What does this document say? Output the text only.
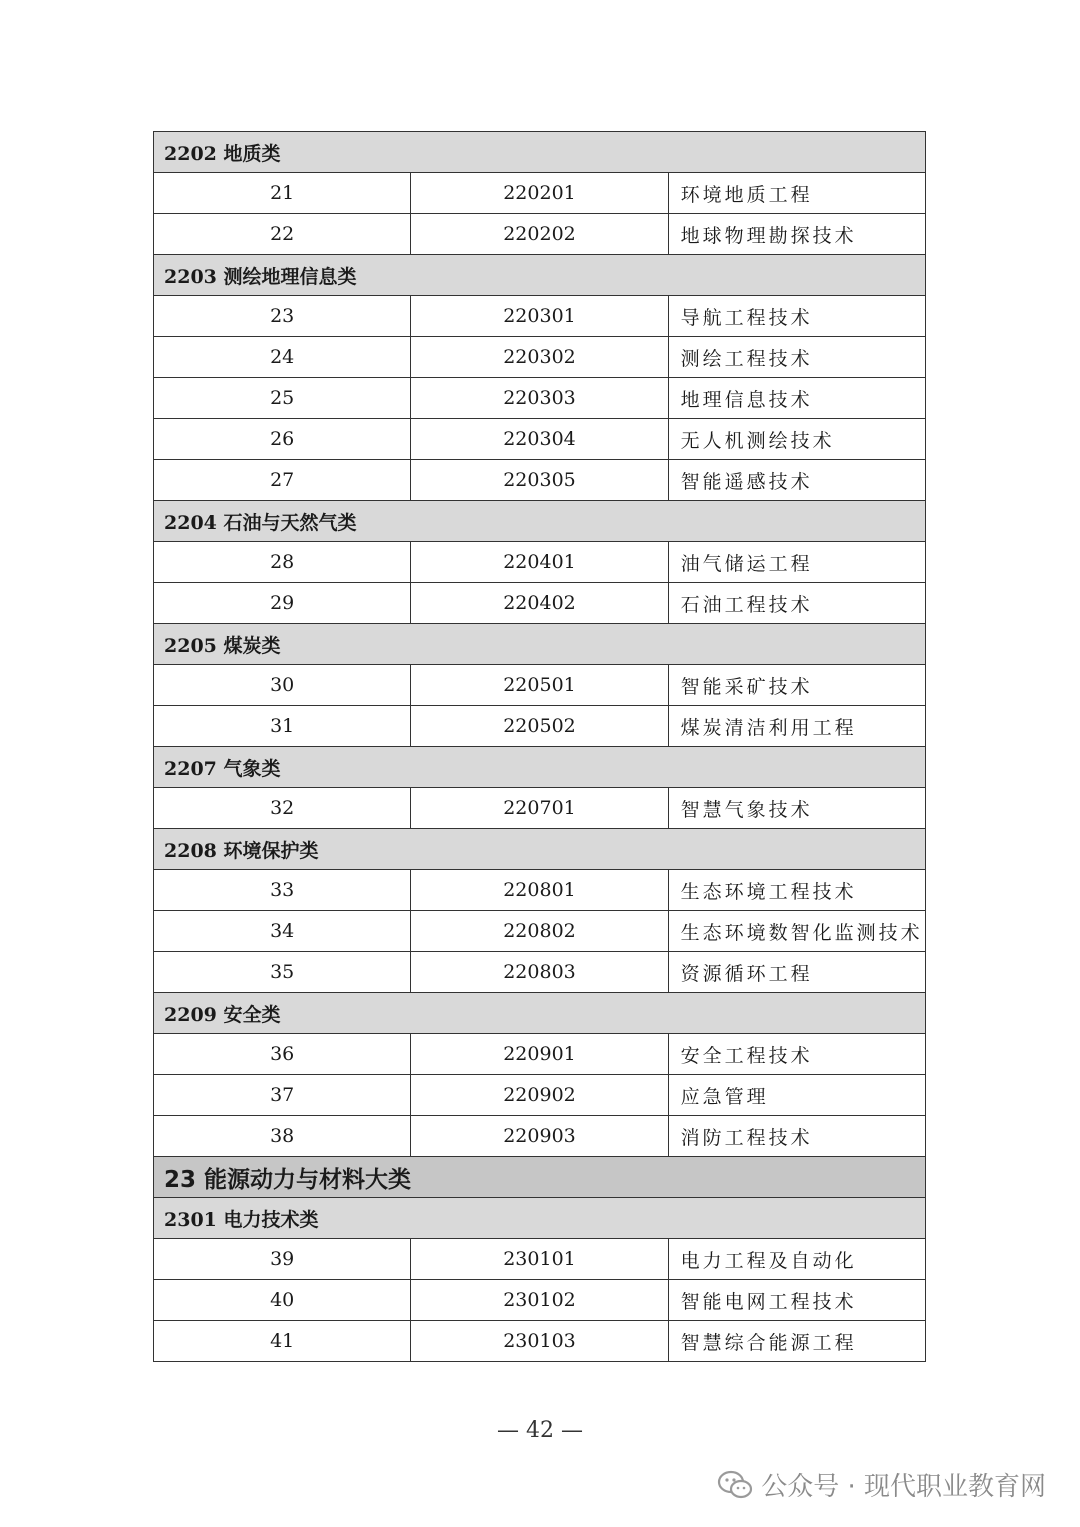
2202 地质类		
21	220201	环境地质工程
22	220202	地球物理勘探技术
2203 测绘地理信息类		
23	220301	导航工程技术
24	220302	测绘工程技术
25	220303	地理信息技术
26	220304	无人机测绘技术
27	220305	智能遥感技术
2204 石油与天然气类		
28	220401	油气储运工程
29	220402	石油工程技术
2205 煤炭类		
30	220501	智能采矿技术
31	220502	煤炭清洁利用工程
2207 气象类		
32	220701	智慧气象技术
2208 环境保护类		
33	220801	生态环境工程技术
34	220802	生态环境数智化监测技术
35	220803	资源循环工程
2209 安全类		
36	220901	安全工程技术
37	220902	应急管理
38	220903	消防工程技术
23 能源动力与材料大类		
2301 电力技术类		
39	230101	电力工程及自动化
40	230102	智能电网工程技术
41	230103	智慧综合能源工程
— 42 —
公众号 · 现代职业教育网
